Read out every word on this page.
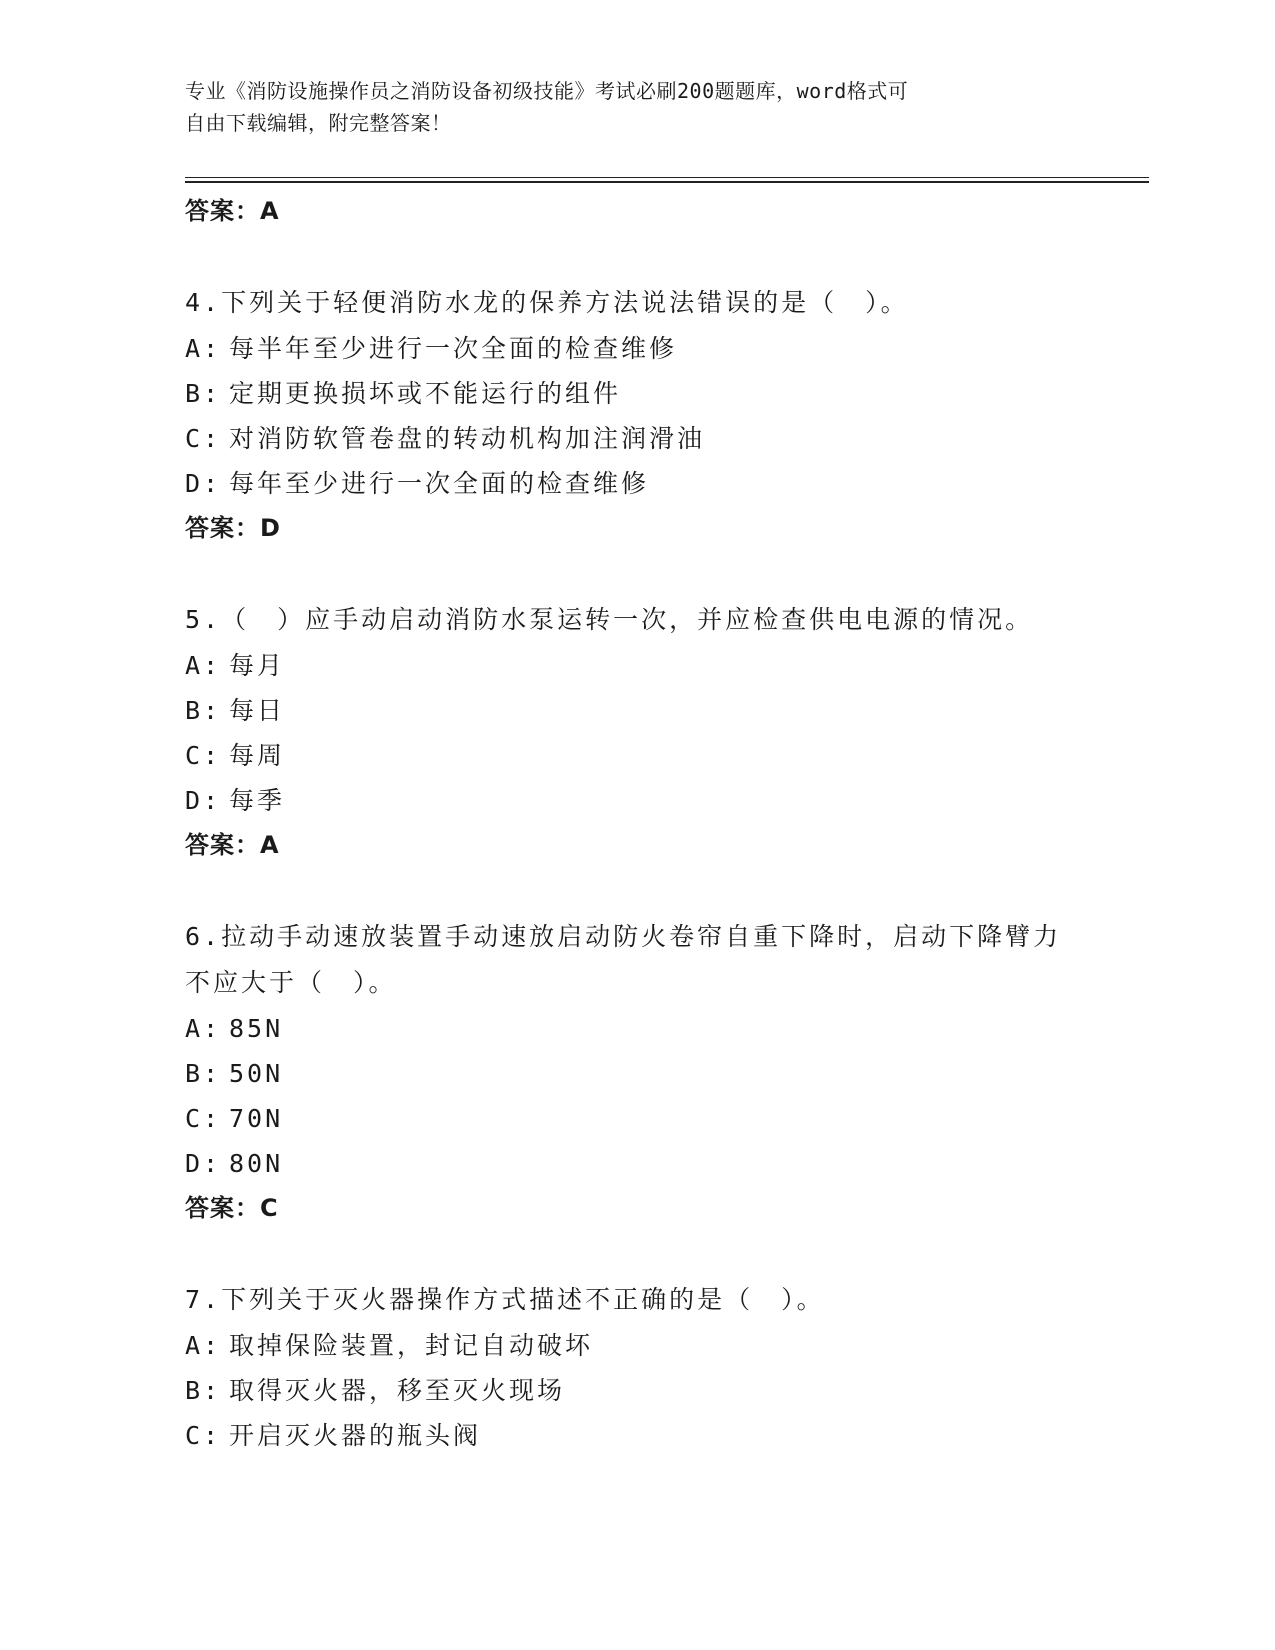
专业《消防设施操作员之消防设备初级技能》考试必刷200题题库，word格式可
自由下载编辑，附完整答案！
答案：A
4.下列关于轻便消防水龙的保养方法说法错误的是（　）。
A: 每半年至少进行一次全面的检查维修
B: 定期更换损坏或不能运行的组件
C: 对消防软管卷盘的转动机构加注润滑油
D: 每年至少进行一次全面的检查维修
答案：D
5.（　）应手动启动消防水泵运转一次，并应检查供电电源的情况。
A: 每月
B: 每日
C: 每周
D: 每季
答案：A
6.拉动手动速放装置手动速放启动防火卷帘自重下降时，启动下降臂力不应大于（　）。
A: 85N
B: 50N
C: 70N
D: 80N
答案：C
7.下列关于灭火器操作方式描述不正确的是（　）。
A: 取掉保险装置，封记自动破坏
B: 取得灭火器，移至灭火现场
C: 开启灭火器的瓶头阀
